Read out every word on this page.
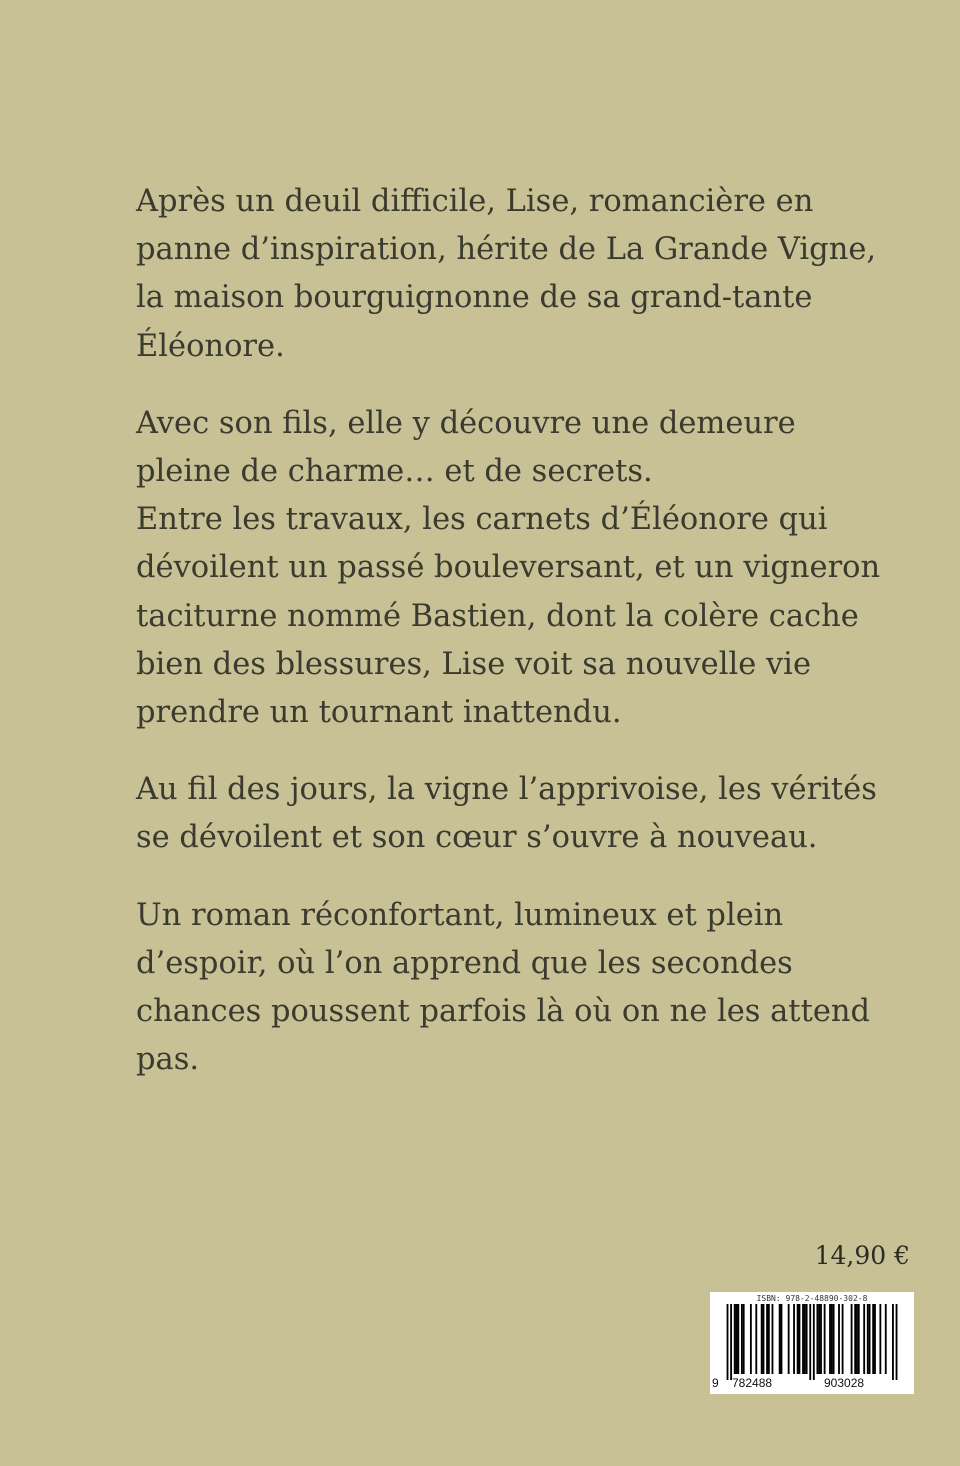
Après un deuil difficile, Lise, romancière en
panne d’inspiration, hérite de La Grande Vigne,
la maison bourguignonne de sa grand-tante
Éléonore.

Avec son fils, elle y découvre une demeure
pleine de charme… et de secrets.
Entre les travaux, les carnets d’Éléonore qui
dévoilent un passé bouleversant, et un vigneron
taciturne nommé Bastien, dont la colère cache
bien des blessures, Lise voit sa nouvelle vie
prendre un tournant inattendu.

Au fil des jours, la vigne l’apprivoise, les vérités
se dévoilent et son cœur s’ouvre à nouveau.

Un roman réconfortant, lumineux et plein
d’espoir, où l’on apprend que les secondes
chances poussent parfois là où on ne les attend
pas.

14,90 €
ISBN: 978-2-48890-302-8
9 782488	903028
